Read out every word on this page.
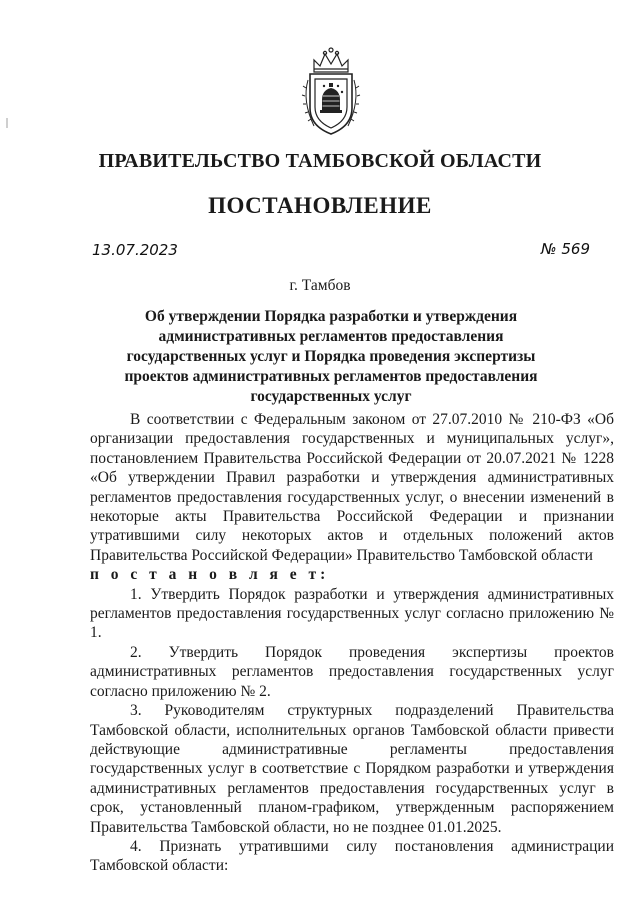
ПРАВИТЕЛЬСТВО ТАМБОВСКОЙ ОБЛАСТИ
ПОСТАНОВЛЕНИЕ
13.07.2023	№ 569
г. Тамбов
Об утверждении Порядка разработки и утверждения административных регламентов предоставления государственных услуг и Порядка проведения экспертизы проектов административных регламентов предоставления государственных услуг

В соответствии с Федеральным законом от 27.07.2010 № 210-ФЗ «Об организации предоставления государственных и муниципальных услуг», постановлением Правительства Российской Федерации от 20.07.2021 № 1228 «Об утверждении Правил разработки и утверждения административных регламентов предоставления государственных услуг, о внесении изменений в некоторые акты Правительства Российской Федерации и признании утратившими силу некоторых актов и отдельных положений актов Правительства Российской Федерации» Правительство Тамбовской области

п о с т а н о в л я е т:

1. Утвердить Порядок разработки и утверждения административных регламентов предоставления государственных услуг согласно приложению № 1.

2. Утвердить Порядок проведения экспертизы проектов административных регламентов предоставления государственных услуг согласно приложению № 2.

3. Руководителям структурных подразделений Правительства Тамбовской области, исполнительных органов Тамбовской области привести действующие административные регламенты предоставления государственных услуг в соответствие с Порядком разработки и утверждения административных регламентов предоставления государственных услуг в срок, установленный планом-графиком, утвержденным распоряжением Правительства Тамбовской области, но не позднее 01.01.2025.

4. Признать утратившими силу постановления администрации Тамбовской области:
